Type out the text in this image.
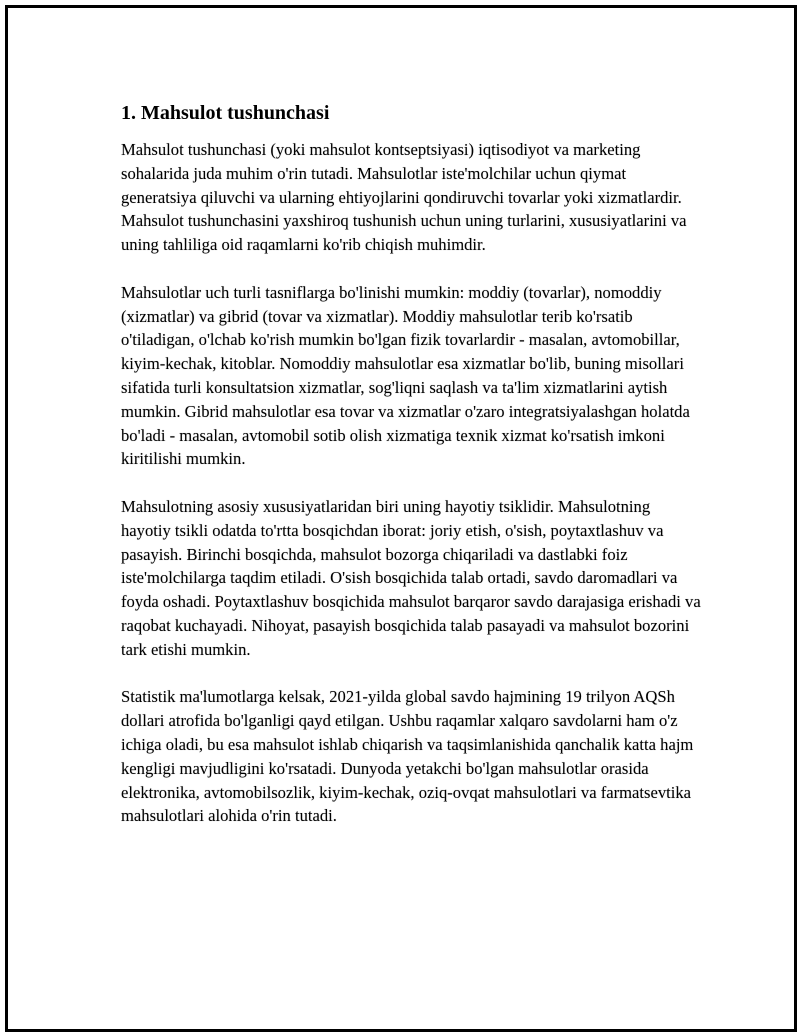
1. Mahsulot tushunchasi

Mahsulot tushunchasi (yoki mahsulot kontseptsiyasi) iqtisodiyot va marketing sohalarida juda muhim o'rin tutadi. Mahsulotlar iste'molchilar uchun qiymat generatsiya qiluvchi va ularning ehtiyojlarini qondiruvchi tovarlar yoki xizmatlardir. Mahsulot tushunchasini yaxshiroq tushunish uchun uning turlarini, xususiyatlarini va uning tahliliga oid raqamlarni ko'rib chiqish muhimdir.

Mahsulotlar uch turli tasniflarga bo'linishi mumkin: moddiy (tovarlar), nomoddiy (xizmatlar) va gibrid (tovar va xizmatlar). Moddiy mahsulotlar terib ko'rsatib o'tiladigan, o'lchab ko'rish mumkin bo'lgan fizik tovarlardir - masalan, avtomobillar, kiyim-kechak, kitoblar. Nomoddiy mahsulotlar esa xizmatlar bo'lib, buning misollari sifatida turli konsultatsion xizmatlar, sog'liqni saqlash va ta'lim xizmatlarini aytish mumkin. Gibrid mahsulotlar esa tovar va xizmatlar o'zaro integratsiyalashgan holatda bo'ladi - masalan, avtomobil sotib olish xizmatiga texnik xizmat ko'rsatish imkoni kiritilishi mumkin.

Mahsulotning asosiy xususiyatlaridan biri uning hayotiy tsiklidir. Mahsulotning hayotiy tsikli odatda to'rtta bosqichdan iborat: joriy etish, o'sish, poytaxtlashuv va pasayish. Birinchi bosqichda, mahsulot bozorga chiqariladi va dastlabki foiz iste'molchilarga taqdim etiladi. O'sish bosqichida talab ortadi, savdo daromadlari va foyda oshadi. Poytaxtlashuv bosqichida mahsulot barqaror savdo darajasiga erishadi va raqobat kuchayadi. Nihoyat, pasayish bosqichida talab pasayadi va mahsulot bozorini tark etishi mumkin.

Statistik ma'lumotlarga kelsak, 2021-yilda global savdo hajmining 19 trilyon AQSh dollari atrofida bo'lganligi qayd etilgan. Ushbu raqamlar xalqaro savdolarni ham o'z ichiga oladi, bu esa mahsulot ishlab chiqarish va taqsimlanishida qanchalik katta hajm kengligi mavjudligini ko'rsatadi. Dunyoda yetakchi bo'lgan mahsulotlar orasida elektronika, avtomobilsozlik, kiyim-kechak, oziq-ovqat mahsulotlari va farmatsevtika mahsulotlari alohida o'rin tutadi.
